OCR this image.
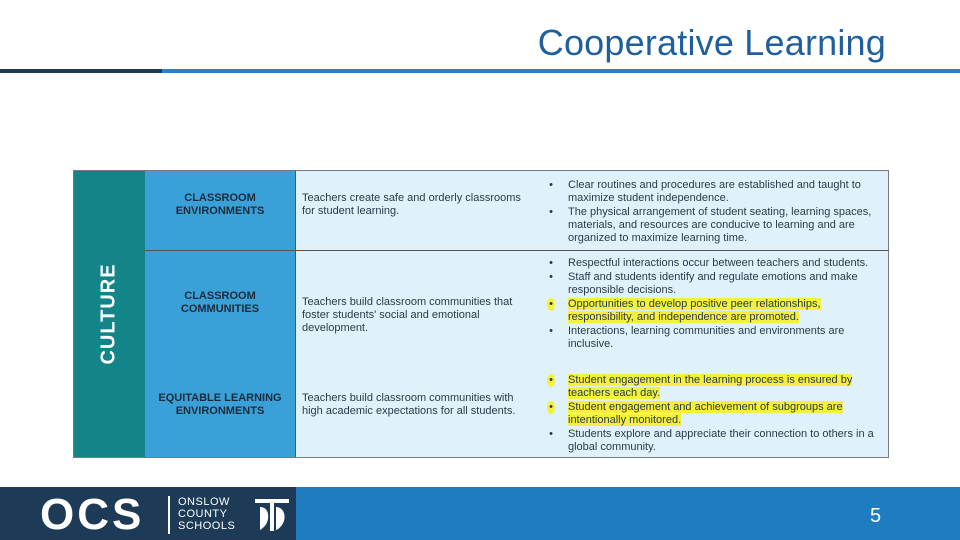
Cooperative Learning
CULTURE
CLASSROOM ENVIRONMENTS
CLASSROOM COMMUNITIES
EQUITABLE LEARNING ENVIRONMENTS
Teachers create safe and orderly classrooms for student learning.
Teachers build classroom communities that foster students' social and emotional development.
Teachers build classroom communities with high academic expectations for all students.
• Clear routines and procedures are established and taught to maximize student independence.
• The physical arrangement of student seating, learning spaces, materials, and resources are conducive to learning and are organized to maximize learning time.
• Respectful interactions occur between teachers and students.
• Staff and students identify and regulate emotions and make responsible decisions.
• Opportunities to develop positive peer relationships, responsibility, and independence are promoted.
• Interactions, learning communities and environments are inclusive.
• Student engagement in the learning process is ensured by teachers each day.
• Student engagement and achievement of subgroups are intentionally monitored.
• Students explore and appreciate their connection to others in a global community.
OCS	ONSLOW
COUNTY
SCHOOLS	5
